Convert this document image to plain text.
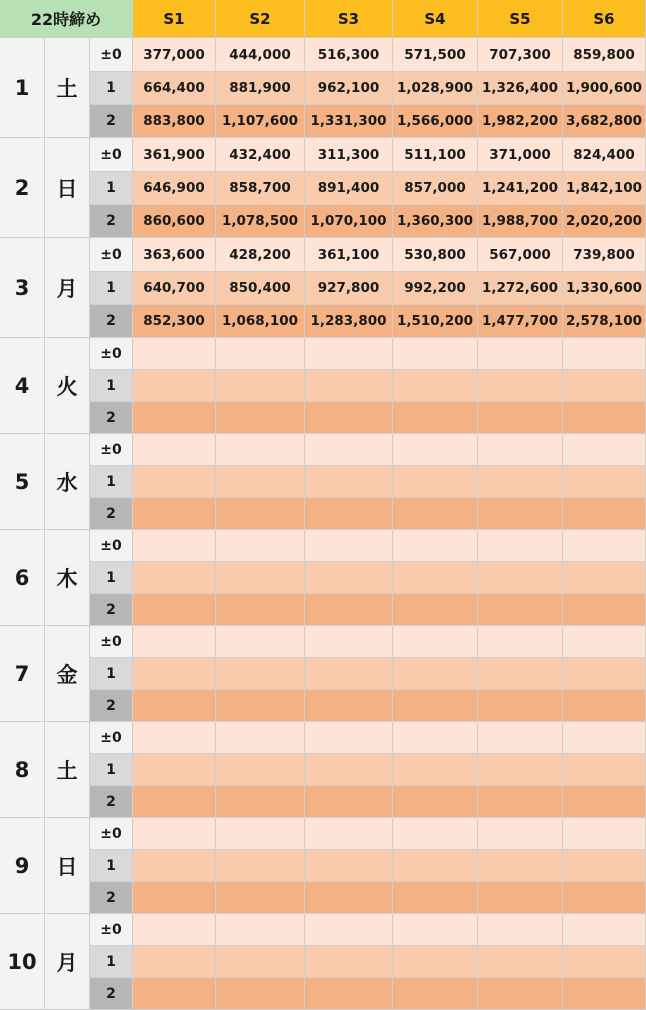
22時締め	S1	S2	S3	S4	S5	S6
1	土
±0	377,000	444,000	516,300	571,500	707,300	859,800
1	664,400	881,900	962,100	1,028,900 1,326,400 1,900,600
2	883,800	1,107,600 1,331,300 1,566,000 1,982,200 3,682,800
2	日
±0	361,900	432,400	311,300	511,100	371,000	824,400
1	646,900	858,700	891,400	857,000	1,241,200 1,842,100
2	860,600	1,078,500 1,070,100 1,360,300 1,988,700 2,020,200
3	月
±0	363,600	428,200	361,100	530,800	567,000	739,800
1	640,700	850,400	927,800	992,200	1,272,600 1,330,600
2	852,300	1,068,100 1,283,800 1,510,200 1,477,700 2,578,100
4	火
±0
1
2
5	水
±0
1
2
6	木
±0
1
2
7	金
±0
1
2
8	土
±0
1
2
9	日
±0
1
2
10 月
±0
1
2
